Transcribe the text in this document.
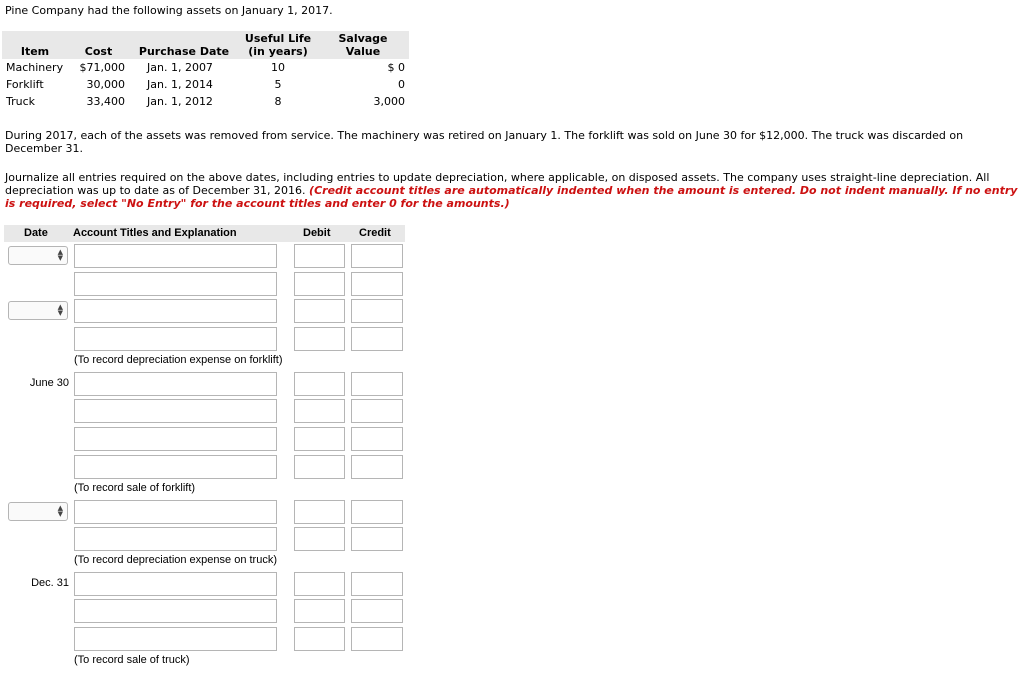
Pine Company had the following assets on January 1, 2017.
Item	Cost	Purchase Date	Useful Life
(in years)	Salvage Value
Machinery	$71,000	Jan. 1, 2007	10	$ 0
Forklift	30,000	Jan. 1, 2014	5	0
Truck	33,400	Jan. 1, 2012	8	3,000
During 2017, each of the assets was removed from service. The machinery was retired on January 1. The forklift was sold on June 30 for $12,000. The truck was discarded on December 31.
Journalize all entries required on the above dates, including entries to update depreciation, where applicable, on disposed assets. The company uses straight-line depreciation. All depreciation was up to date as of December 31, 2016. (Credit account titles are automatically indented when the amount is entered. Do not indent manually. If no entry is required, select "No Entry" for the account titles and enter 0 for the amounts.)
Date Account Titles and Explanation	Debit	Credit
▲
▼
▲
▼
(To record depreciation expense on forklift)
June 30
(To record sale of forklift)
▲
▼
(To record depreciation expense on truck)
Dec. 31
(To record sale of truck)
